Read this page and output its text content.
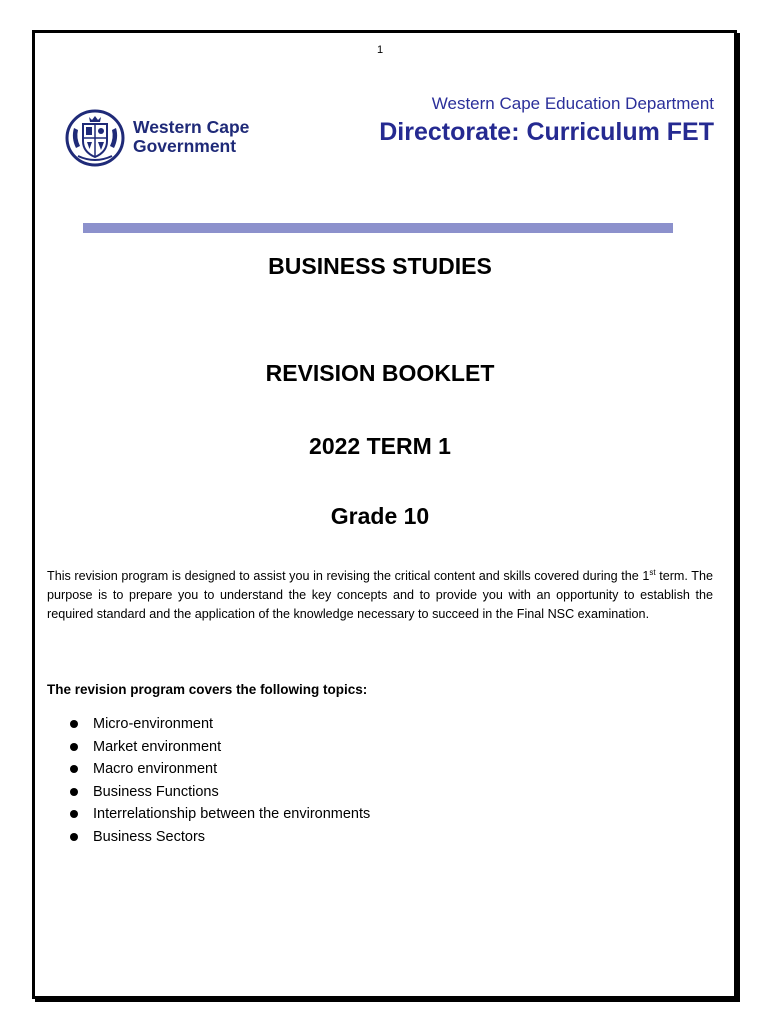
1
Western Cape
Government
Western Cape Education Department
Directorate: Curriculum FET
BUSINESS STUDIES
REVISION BOOKLET
2022 TERM 1
Grade 10
This revision program is designed to assist you in revising the critical content and skills covered during the 1st term. The purpose is to prepare you to understand the key concepts and to provide you with an opportunity to establish the required standard and the application of the knowledge necessary to succeed in the Final NSC examination.
The revision program covers the following topics:
Micro-environment
Market environment
Macro environment
Business Functions
Interrelationship between the environments
Business Sectors
